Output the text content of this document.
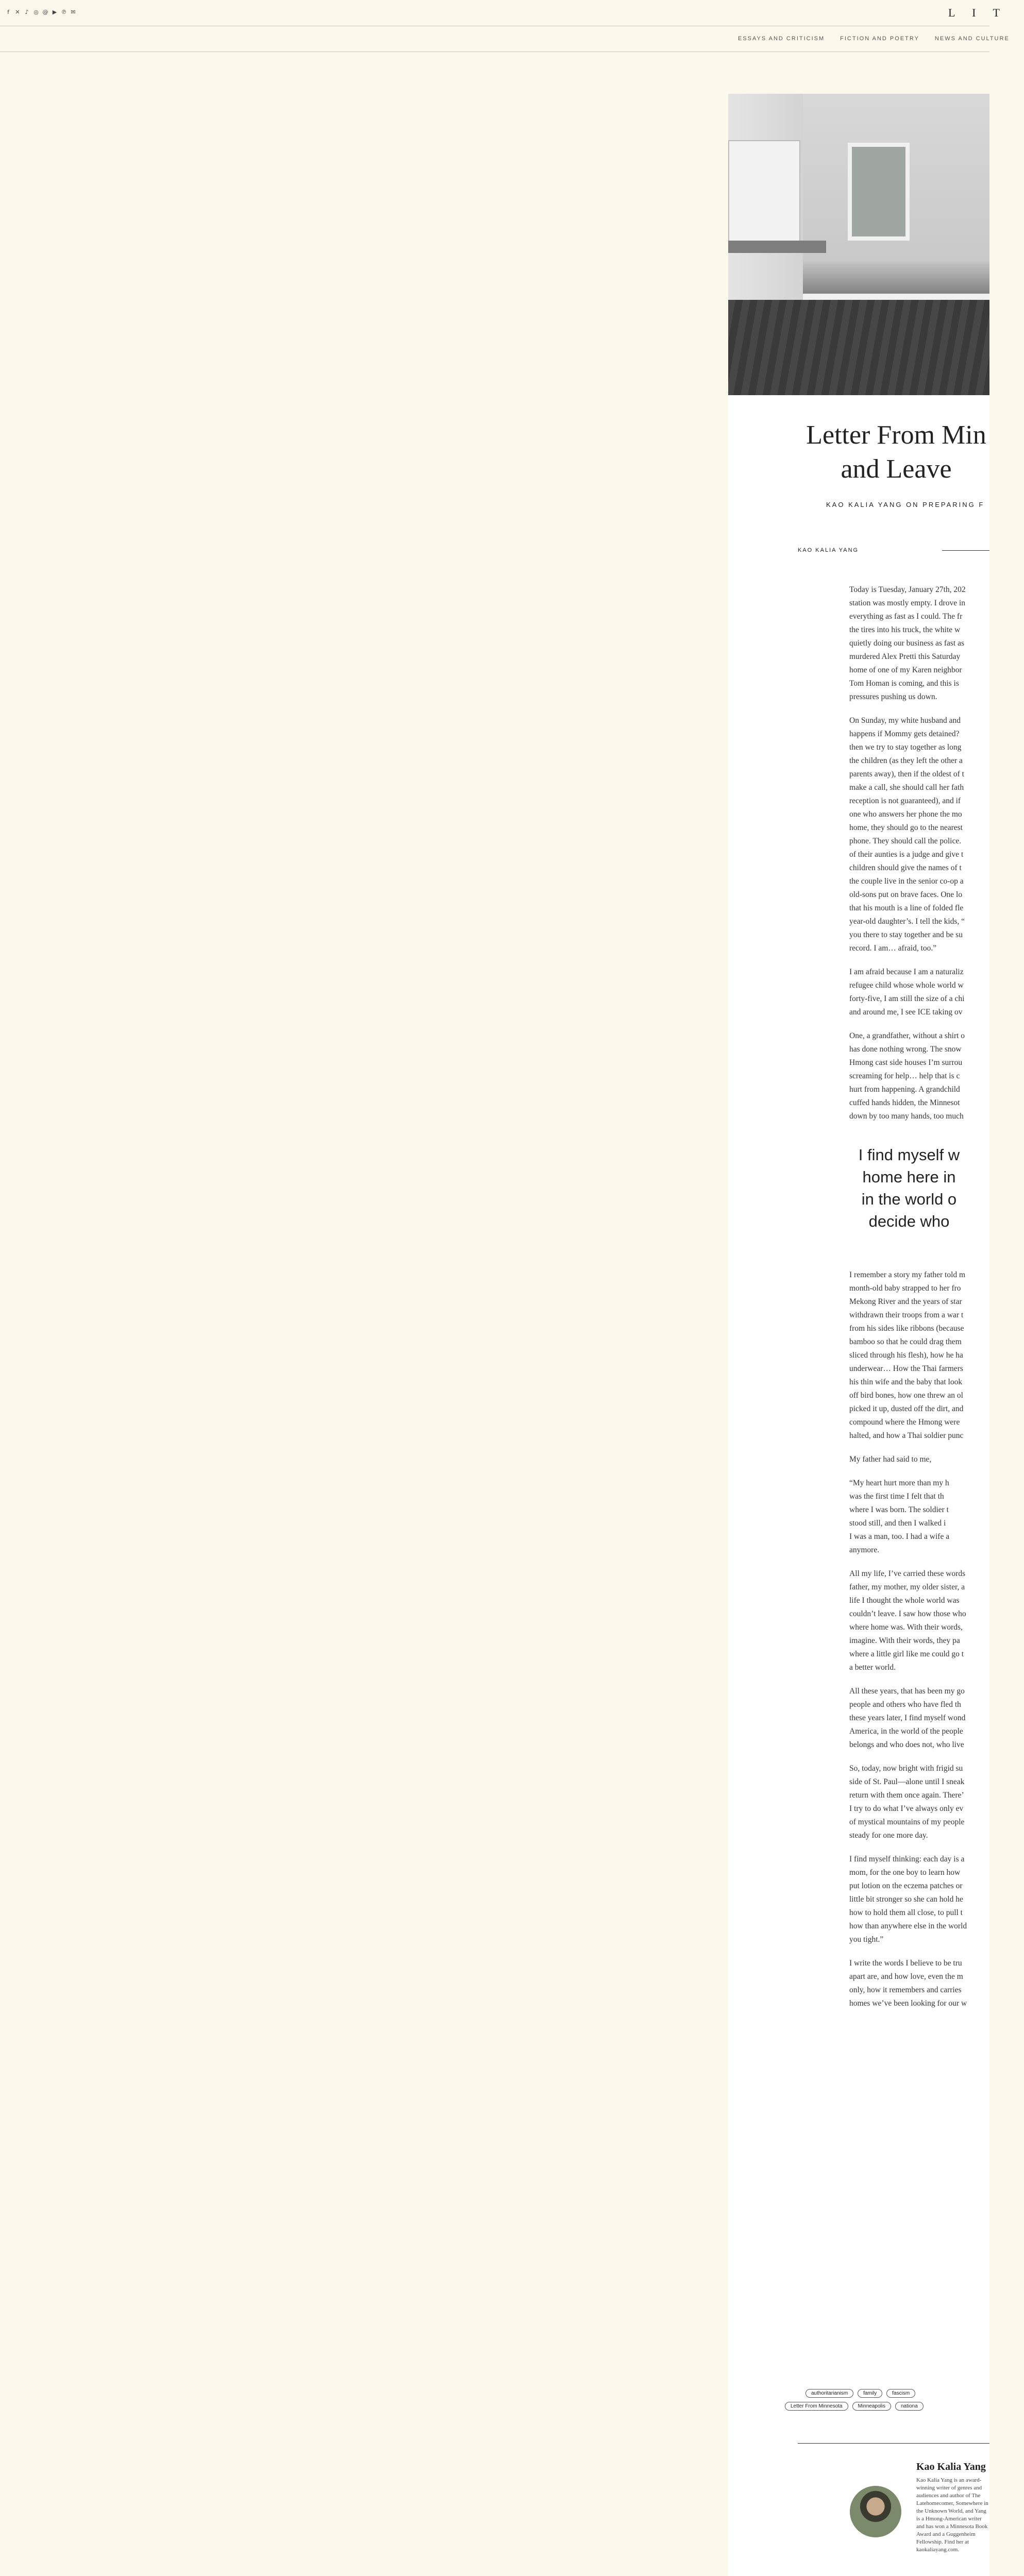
f	✕ ♪ ◎ @ ▶ ℗ ✉	L I T
ESSAYS AND CRITICISM	FICTION AND POETRY	NEWS AND CULTURE
Letter From Min
and Leave
KAO KALIA YANG ON PREPARING F
KAO KALIA YANG

Today is Tuesday, January 27th, 202
station was mostly empty. I drove in
everything as fast as I could. The fr
the tires into his truck, the white w
quietly doing our business as fast as
murdered Alex Pretti this Saturday
home of one of my Karen neighbor
Tom Homan is coming, and this is
pressures pushing us down.

On Sunday, my white husband and
happens if Mommy gets detained?
then we try to stay together as long
the children (as they left the other a
parents away), then if the oldest of t
make a call, she should call her fath
reception is not guaranteed), and if
one who answers her phone the mo
home, they should go to the nearest
phone. They should call the police.
of their aunties is a judge and give t
children should give the names of t
the couple live in the senior co-op a
old-sons put on brave faces. One lo
that his mouth is a line of folded fle
year-old daughter’s. I tell the kids, “
you there to stay together and be su
record. I am… afraid, too.”

I am afraid because I am a naturaliz
refugee child whose whole world w
forty-five, I am still the size of a chi
and around me, I see ICE taking ov

One, a grandfather, without a shirt o
has done nothing wrong. The snow
Hmong cast side houses I’m surrou
screaming for help… help that is c
hurt from happening. A grandchild
cuffed hands hidden, the Minnesot
down by too many hands, too much

I find myself w
home here in
in the world o
decide who

I remember a story my father told m
month-old baby strapped to her fro
Mekong River and the years of star
withdrawn their troops from a war t
from his sides like ribbons (because
bamboo so that he could drag them
sliced through his flesh), how he ha
underwear… How the Thai farmers
his thin wife and the baby that look
off bird bones, how one threw an ol
picked it up, dusted off the dirt, and
compound where the Hmong were
halted, and how a Thai soldier punc

My father had said to me,

“My heart hurt more than my h
was the first time I felt that th
where I was born. The soldier t
stood still, and then I walked i
I was a man, too. I had a wife a
anymore.

All my life, I’ve carried these words
father, my mother, my older sister, a
life I thought the whole world was
couldn’t leave. I saw how those who
where home was. With their words,
imagine. With their words, they pa
where a little girl like me could go t
a better world.

All these years, that has been my go
people and others who have fled th
these years later, I find myself wond
America, in the world of the people
belongs and who does not, who live

So, today, now bright with frigid su
side of St. Paul—alone until I sneak
return with them once again. There’
I try to do what I’ve always only ev
of mystical mountains of my people
steady for one more day.

I find myself thinking: each day is a
mom, for the one boy to learn how
put lotion on the eczema patches or
little bit stronger so she can hold he
how to hold them all close, to pull t
how than anywhere else in the world
you tight.”

I write the words I believe to be tru
apart are, and how love, even the m
only, how it remembers and carries
homes we’ve been looking for our w

authoritarianism	family	fascism
Letter From Minnesota	Minneapolis	nationa
Kao Kalia Yang
Kao Kalia Yang is an award-winning writer of genres and audiences and author of The Latehomecomer, Somewhere in the Unknown World, and Yang is a Hmong-American writer and has won a Minnesota Book Award and a Guggenheim Fellowship. Find her at kaokaliayang.com.
